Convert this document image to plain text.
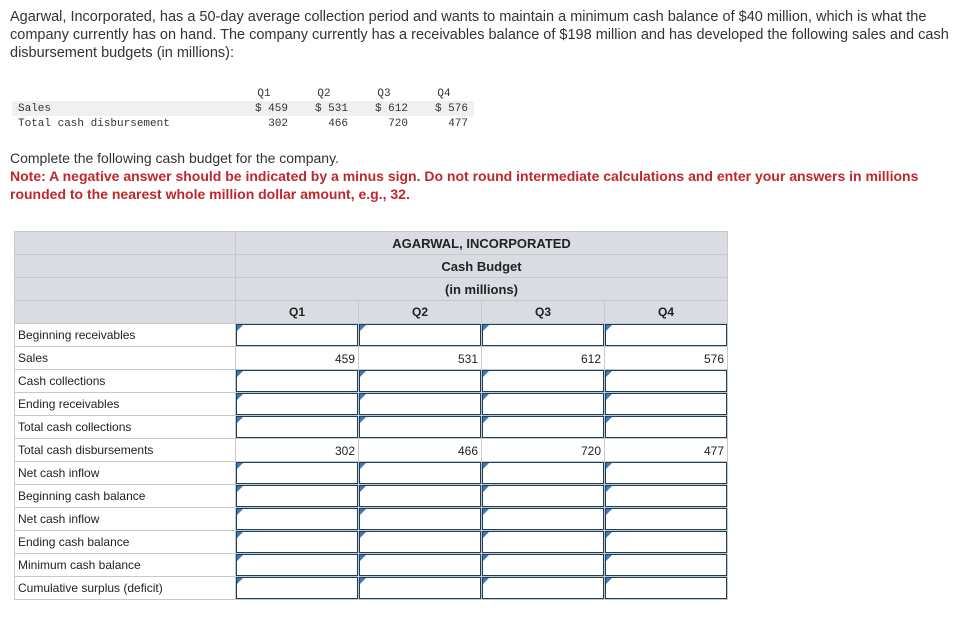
Agarwal, Incorporated, has a 50-day average collection period and wants to maintain a minimum cash balance of $40 million, which is what the company currently has on hand. The company currently has a receivables balance of $198 million and has developed the following sales and cash disbursement budgets (in millions):
	Q1	Q2	Q3	Q4
Sales	$ 459	$ 531	$ 612	$ 576
Total cash disbursement	302	466	720	477
Complete the following cash budget for the company.
Note: A negative answer should be indicated by a minus sign. Do not round intermediate calculations and enter your answers in millions rounded to the nearest whole million dollar amount, e.g., 32.
	AGARWAL, INCORPORATED			
	Cash Budget			
	(in millions)			
	Q1	Q2	Q3	Q4
Beginning receivables	

Sales	459	531	612	576

Cash collections	

Ending receivables	

Total cash collections	

Total cash disbursements	302	466	720	477

Net cash inflow	

Beginning cash balance	

Net cash inflow	

Ending cash balance	

Minimum cash balance	

Cumulative surplus (deficit)	
